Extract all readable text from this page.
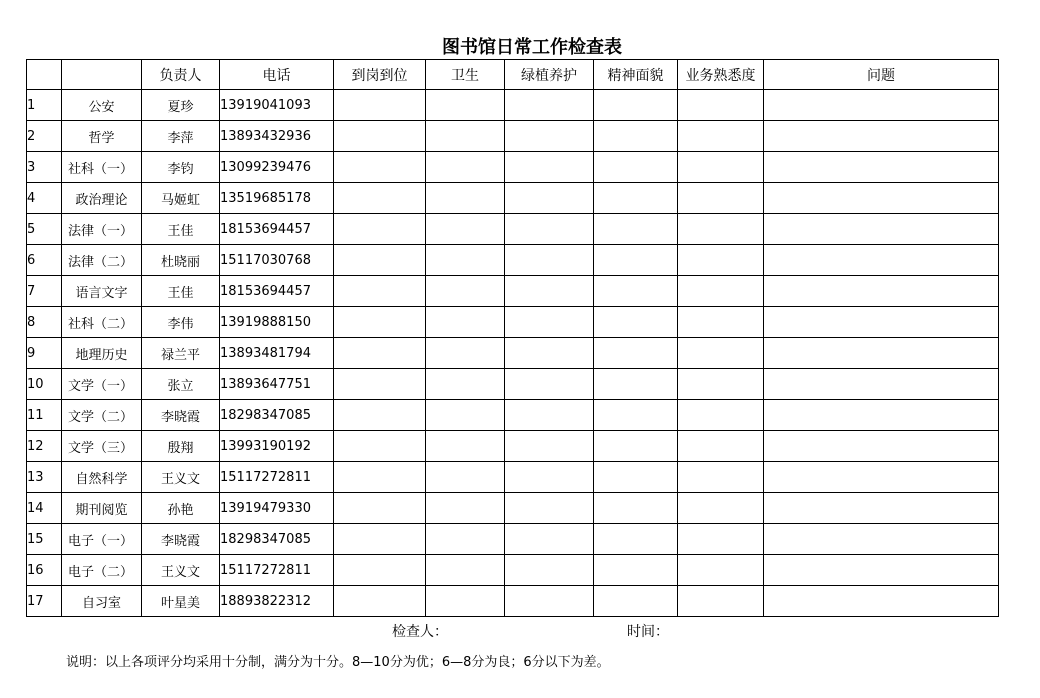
图书馆日常工作检查表
		负责人	电话	到岗到位	卫生	绿植养护	精神面貌	业务熟悉度	问题
1	公安	夏珍	13919041093						
2	哲学	李萍	13893432936						
3	社科（一）	李钧	13099239476						
4	政治理论	马姬虹	13519685178						
5	法律（一）	王佳	18153694457						
6	法律（二）	杜晓丽	15117030768						
7	语言文字	王佳	18153694457						
8	社科（二）	李伟	13919888150						
9	地理历史	禄兰平	13893481794						
10	文学（一）	张立	13893647751						
11	文学（二）	李晓霞	18298347085						
12	文学（三）	殷翔	13993190192						
13	自然科学	王义文	15117272811						
14	期刊阅览	孙艳	13919479330						
15	电子（一）	李晓霞	18298347085						
16	电子（二）	王义文	15117272811						
17	自习室	叶星美	18893822312						
检查人：	时间：
说明：以上各项评分均采用十分制，满分为十分。8—10分为优；6—8分为良；6分以下为差。
